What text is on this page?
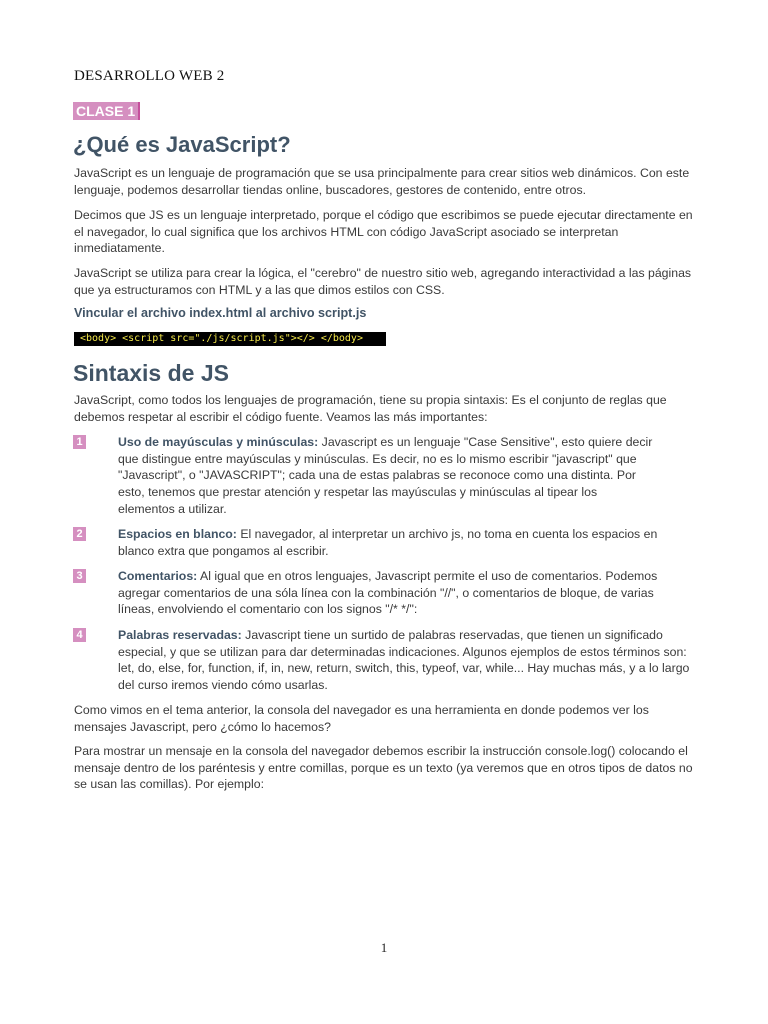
DESARROLLO WEB 2
CLASE 1
¿Qué es JavaScript?
JavaScript es un lenguaje de programación que se usa principalmente para crear sitios web dinámicos. Con este lenguaje, podemos desarrollar tiendas online, buscadores, gestores de contenido, entre otros.
Decimos que JS es un lenguaje interpretado, porque el código que escribimos se puede ejecutar directamente en el navegador, lo cual significa que los archivos HTML con código JavaScript asociado se interpretan inmediatamente.
JavaScript se utiliza para crear la lógica, el "cerebro" de nuestro sitio web, agregando interactividad a las páginas que ya estructuramos con HTML y a las que dimos estilos con CSS.
Vincular el archivo index.html al archivo script.js
<body> <script src="./js/script.js"></> </body>
Sintaxis de JS
JavaScript, como todos los lenguajes de programación, tiene su propia sintaxis: Es el conjunto de reglas que debemos respetar al escribir el código fuente. Veamos las más importantes:
1	Uso de mayúsculas y minúsculas: Javascript es un lenguaje "Case Sensitive", esto quiere decir que distingue entre mayúsculas y minúsculas. Es decir, no es lo mismo escribir "javascript" que "Javascript", o "JAVASCRIPT"; cada una de estas palabras se reconoce como una distinta. Por esto, tenemos que prestar atención y respetar las mayúsculas y minúsculas al tipear los elementos a utilizar.
2	Espacios en blanco: El navegador, al interpretar un archivo js, no toma en cuenta los espacios en blanco extra que pongamos al escribir.
3	Comentarios: Al igual que en otros lenguajes, Javascript permite el uso de comentarios. Podemos agregar comentarios de una sóla línea con la combinación "//", o comentarios de bloque, de varias líneas, envolviendo el comentario con los signos "/* */":
4	Palabras reservadas: Javascript tiene un surtido de palabras reservadas, que tienen un significado especial, y que se utilizan para dar determinadas indicaciones. Algunos ejemplos de estos términos son: let, do, else, for, function, if, in, new, return, switch, this, typeof, var, while... Hay muchas más, y a lo largo del curso iremos viendo cómo usarlas.
Como vimos en el tema anterior, la consola del navegador es una herramienta en donde podemos ver los mensajes Javascript, pero ¿cómo lo hacemos?
Para mostrar un mensaje en la consola del navegador debemos escribir la instrucción console.log() colocando el mensaje dentro de los paréntesis y entre comillas, porque es un texto (ya veremos que en otros tipos de datos no se usan las comillas). Por ejemplo:
1
